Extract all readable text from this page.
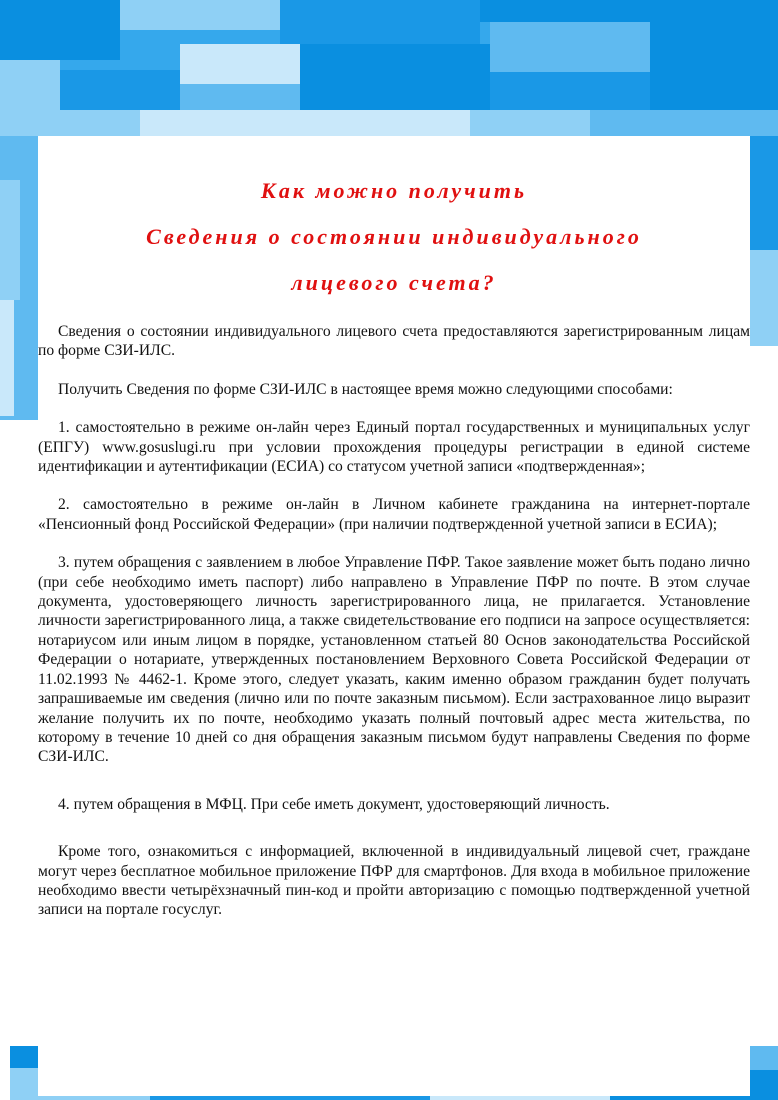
Как можно получить
Сведения о состоянии индивидуального
лицевого счета?

Сведения о состоянии индивидуального лицевого счета предоставляются зарегистрированным лицам по форме СЗИ-ИЛС.

Получить Сведения по форме СЗИ-ИЛС в настоящее время можно следующими способами:

1. самостоятельно в режиме он-лайн через Единый портал государственных и муниципальных услуг (ЕПГУ) www.gosuslugi.ru при условии прохождения процедуры регистрации в единой системе идентификации и аутентификации (ЕСИА) со статусом учетной записи «подтвержденная»;

2. самостоятельно в режиме он-лайн в Личном кабинете гражданина на интернет-портале «Пенсионный фонд Российской Федерации» (при наличии подтвержденной учетной записи в ЕСИА);

3. путем обращения с заявлением в любое Управление ПФР. Такое заявление может быть подано лично (при себе необходимо иметь паспорт) либо направлено в Управление ПФР по почте. В этом случае документа, удостоверяющего личность зарегистрированного лица, не прилагается. Установление личности зарегистрированного лица, а также свидетельствование его подписи на запросе осуществляется: нотариусом или иным лицом в порядке, установленном статьей 80 Основ законодательства Российской Федерации о нотариате, утвержденных постановлением Верховного Совета Российской Федерации от 11.02.1993 № 4462-1. Кроме этого, следует указать, каким именно образом гражданин будет получать запрашиваемые им сведения (лично или по почте заказным письмом). Если застрахованное лицо выразит желание получить их по почте, необходимо указать полный почтовый адрес места жительства, по которому в течение 10 дней со дня обращения заказным письмом будут направлены Сведения по форме СЗИ-ИЛС.

4. путем обращения в МФЦ. При себе иметь документ, удостоверяющий личность.

Кроме того, ознакомиться с информацией, включенной в индивидуальный лицевой счет, граждане могут через бесплатное мобильное приложение ПФР для смартфонов. Для входа в мобильное приложение необходимо ввести четырёхзначный пин-код и пройти авторизацию с помощью подтвержденной учетной записи на портале госуслуг.
